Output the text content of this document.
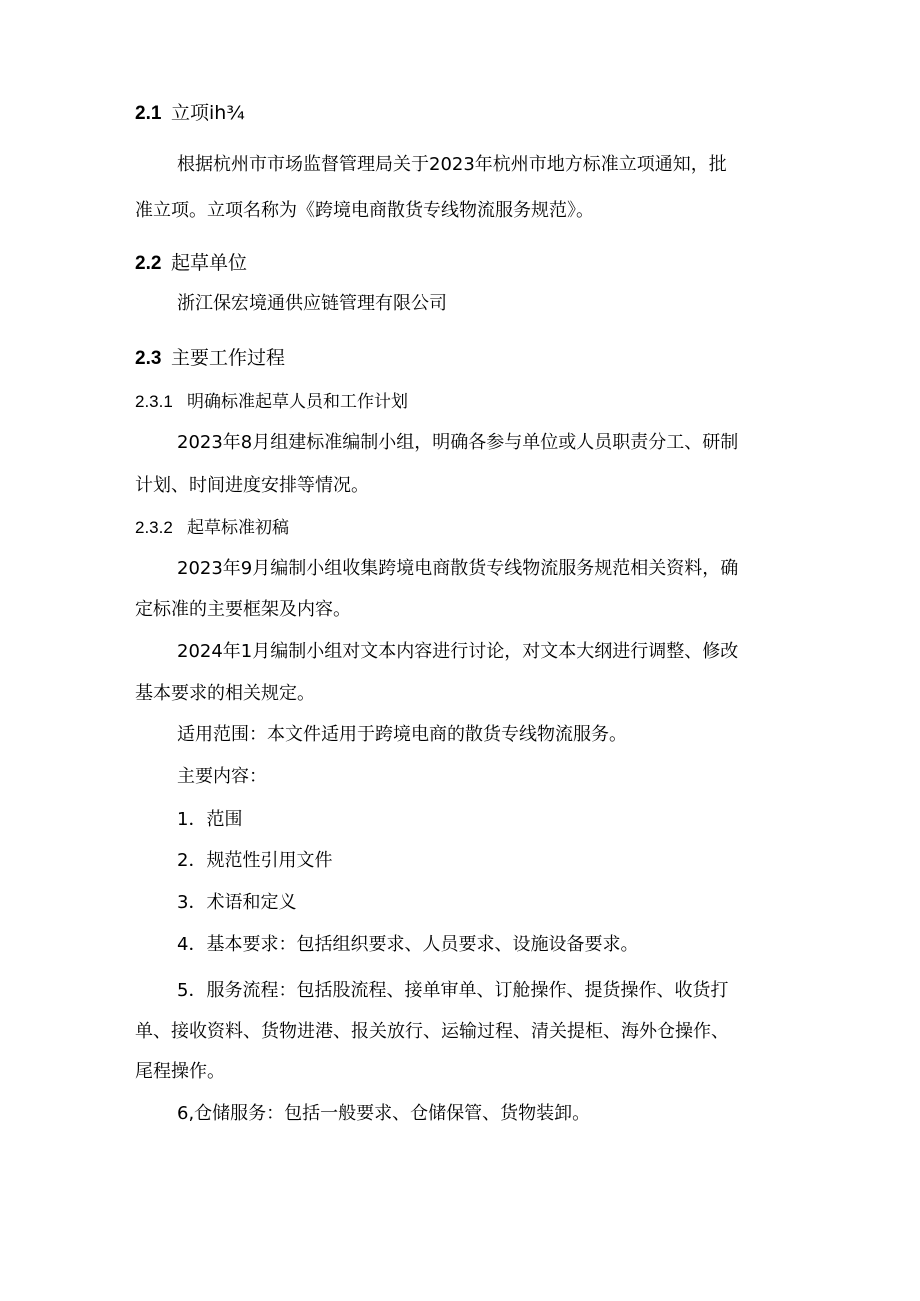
2.1 立项ih¾
根据杭州市市场监督管理局关于2023年杭州市地方标准立项通知，批
准立项。立项名称为《跨境电商散货专线物流服务规范》。
2.2 起草单位
浙江保宏境通供应链管理有限公司
2.3 主要工作过程
2.3.1 明确标准起草人员和工作计划
2023年8月组建标准编制小组，明确各参与单位或人员职责分工、研制
计划、时间进度安排等情况。
2.3.2 起草标准初稿
2023年9月编制小组收集跨境电商散货专线物流服务规范相关资料，确
定标准的主要框架及内容。
2024年1月编制小组对文本内容进行讨论，对文本大纲进行调整、修改
基本要求的相关规定。
适用范围：本文件适用于跨境电商的散货专线物流服务。
主要内容：
1．范围
2．规范性引用文件
3．术语和定义
4．基本要求：包括组织要求、人员要求、设施设备要求。
5．服务流程：包括股流程、接单审单、订舱操作、提货操作、收货打
单、接收资料、货物进港、报关放行、运输过程、清关提柜、海外仓操作、
尾程操作。
6,仓储服务：包括一般要求、仓储保管、货物装卸。
